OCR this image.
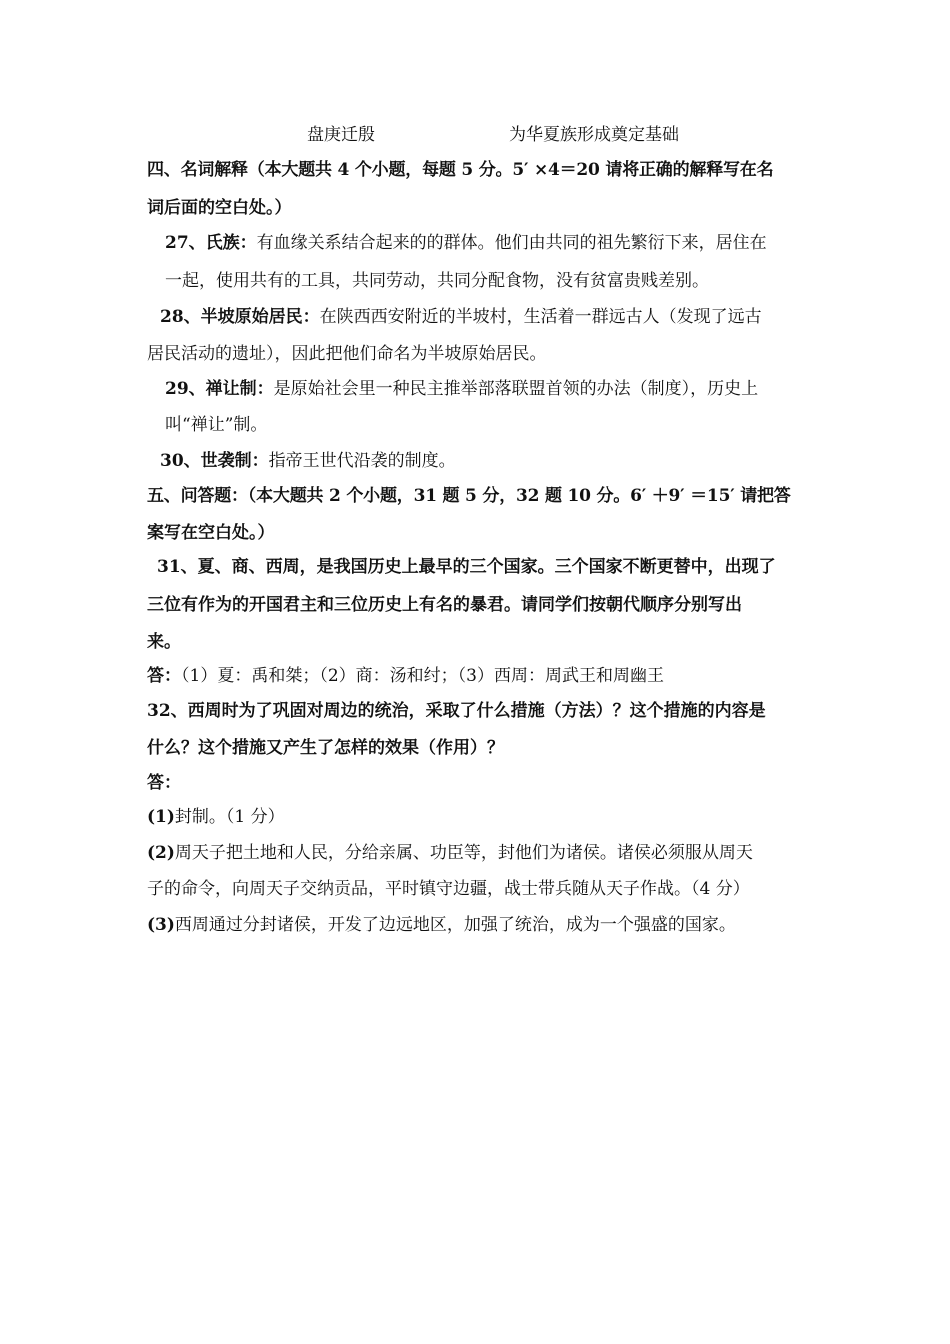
盘庚迁殷	为华夏族形成奠定基础
四、名词解释（本大题共 4 个小题，每题 5 分。5′ ×4＝20 请将正确的解释写在名
词后面的空白处。）
27、氏族：有血缘关系结合起来的的群体。他们由共同的祖先繁衍下来，居住在
一起，使用共有的工具，共同劳动，共同分配食物，没有贫富贵贱差别。
28、半坡原始居民：在陕西西安附近的半坡村，生活着一群远古人（发现了远古
居民活动的遗址），因此把他们命名为半坡原始居民。
29、禅让制：是原始社会里一种民主推举部落联盟首领的办法（制度），历史上
叫“禅让”制。
30、世袭制：指帝王世代沿袭的制度。
五、问答题：（本大题共 2 个小题，31 题 5 分，32 题 10 分。6′ ＋9′ ＝15′ 请把答
案写在空白处。）
31、夏、商、西周，是我国历史上最早的三个国家。三个国家不断更替中，出现了
三位有作为的开国君主和三位历史上有名的暴君。请同学们按朝代顺序分别写出
来。
答：（1）夏：禹和桀；（2）商：汤和纣；（3）西周：周武王和周幽王
32、西周时为了巩固对周边的统治，采取了什么措施（方法）？这个措施的内容是
什么？这个措施又产生了怎样的效果（作用）？
答：
(1)封制。（1 分）
(2)周天子把土地和人民，分给亲属、功臣等，封他们为诸侯。诸侯必须服从周天
子的命令，向周天子交纳贡品，平时镇守边疆，战士带兵随从天子作战。（4 分）
(3)西周通过分封诸侯，开发了边远地区，加强了统治，成为一个强盛的国家。
